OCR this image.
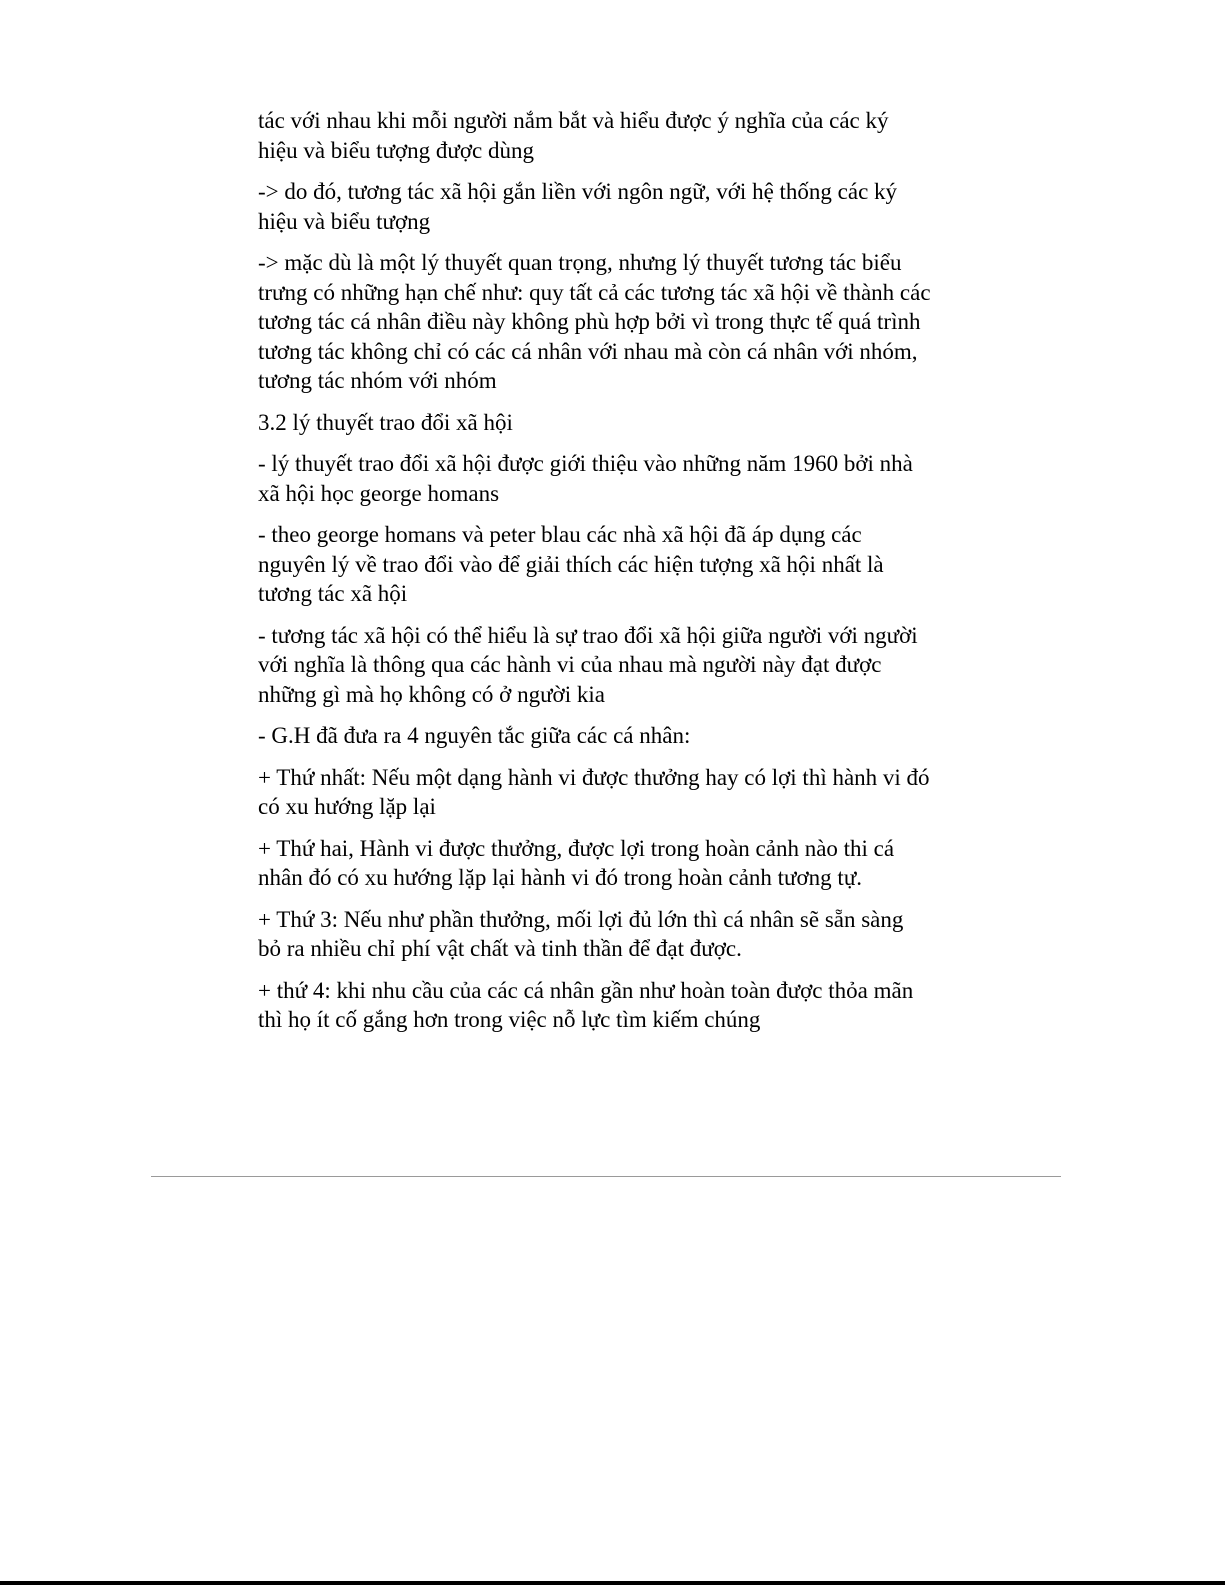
tác với nhau khi mỗi người nắm bắt và hiểu được ý nghĩa của các ký
hiệu và biểu tượng được dùng

-> do đó, tương tác xã hội gắn liền với ngôn ngữ, với hệ thống các ký
hiệu và biểu tượng

-> mặc dù là một lý thuyết quan trọng, nhưng lý thuyết tương tác biểu
trưng có những hạn chế như: quy tất cả các tương tác xã hội về thành các
tương tác cá nhân điều này không phù hợp bởi vì trong thực tế quá trình
tương tác không chỉ có các cá nhân với nhau mà còn cá nhân với nhóm,
tương tác nhóm với nhóm

3.2 lý thuyết trao đổi xã hội

- lý thuyết trao đổi xã hội được giới thiệu vào những năm 1960 bởi nhà
xã hội học george homans

- theo george homans và peter blau các nhà xã hội đã áp dụng các
nguyên lý về trao đổi vào để giải thích các hiện tượng xã hội nhất là
tương tác xã hội

- tương tác xã hội có thể hiểu là sự trao đổi xã hội giữa người với người
với nghĩa là thông qua các hành vi của nhau mà người này đạt được
những gì mà họ không có ở người kia

- G.H đã đưa ra 4 nguyên tắc giữa các cá nhân:

+ Thứ nhất: Nếu một dạng hành vi được thưởng hay có lợi thì hành vi đó
có xu hướng lặp lại

+ Thứ hai, Hành vi được thưởng, được lợi trong hoàn cảnh nào thi cá
nhân đó có xu hướng lặp lại hành vi đó trong hoàn cảnh tương tự.

+ Thứ 3: Nếu như phần thưởng, mối lợi đủ lớn thì cá nhân sẽ sẵn sàng
bỏ ra nhiều chỉ phí vật chất và tinh thần để đạt được.

+ thứ 4: khi nhu cầu của các cá nhân gần như hoàn toàn được thỏa mãn
thì họ ít cố gắng hơn trong việc nỗ lực tìm kiếm chúng
